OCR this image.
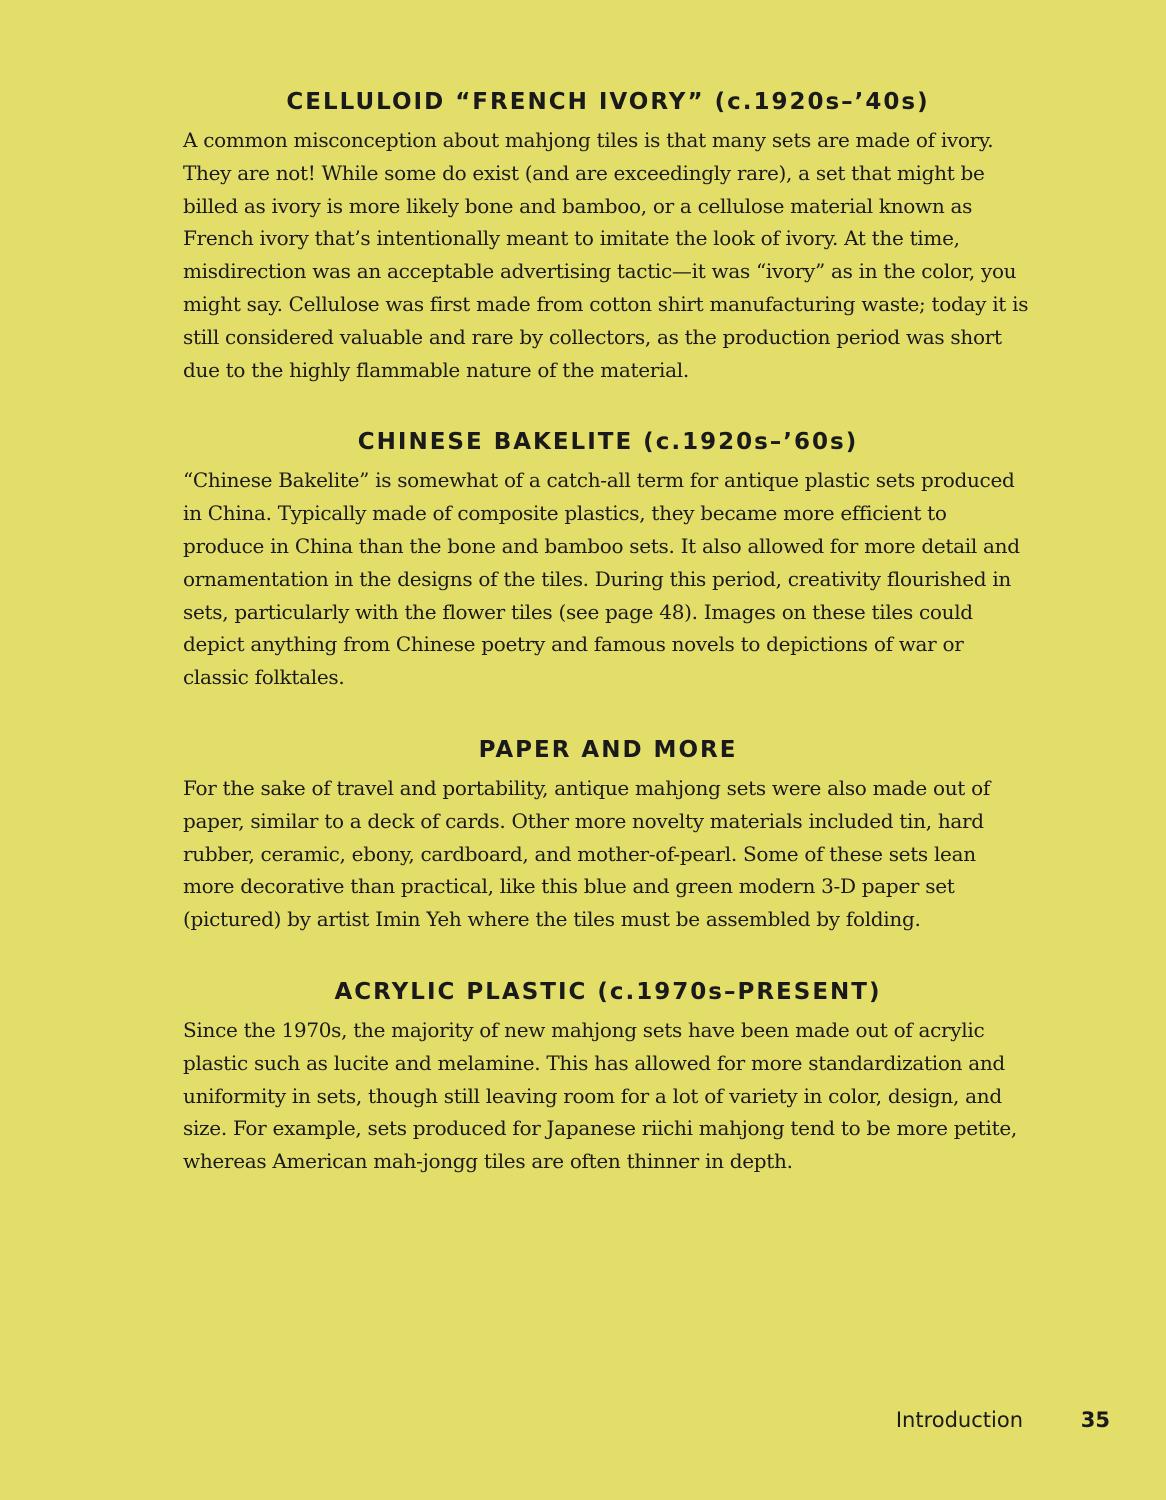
CELLULOID “FRENCH IVORY” (c.1920s–’40s)

A common misconception about mahjong tiles is that many sets are made of ivory. They are not! While some do exist (and are exceedingly rare), a set that might be billed as ivory is more likely bone and bamboo, or a cellulose material known as French ivory that’s intentionally meant to imitate the look of ivory. At the time, misdirection was an acceptable advertising tactic—it was “ivory” as in the color, you might say. Cellulose was first made from cotton shirt manufacturing waste; today it is still considered valuable and rare by collectors, as the production period was short due to the highly flammable nature of the material.

CHINESE BAKELITE (c.1920s–’60s)

“Chinese Bakelite” is somewhat of a catch-all term for antique plastic sets produced in China. Typically made of composite plastics, they became more efficient to produce in China than the bone and bamboo sets. It also allowed for more detail and ornamentation in the designs of the tiles. During this period, creativity flourished in sets, particularly with the flower tiles (see page 48). Images on these tiles could depict anything from Chinese poetry and famous novels to depictions of war or classic folktales.

PAPER AND MORE

For the sake of travel and portability, antique mahjong sets were also made out of paper, similar to a deck of cards. Other more novelty materials included tin, hard rubber, ceramic, ebony, cardboard, and mother-of-pearl. Some of these sets lean more decorative than practical, like this blue and green modern 3-D paper set (pictured) by artist Imin Yeh where the tiles must be assembled by folding.

ACRYLIC PLASTIC (c.1970s–PRESENT)

Since the 1970s, the majority of new mahjong sets have been made out of acrylic plastic such as lucite and melamine. This has allowed for more standardization and uniformity in sets, though still leaving room for a lot of variety in color, design, and size. For example, sets produced for Japanese riichi mahjong tend to be more petite, whereas American mah-jongg tiles are often thinner in depth.

Introduction	35
